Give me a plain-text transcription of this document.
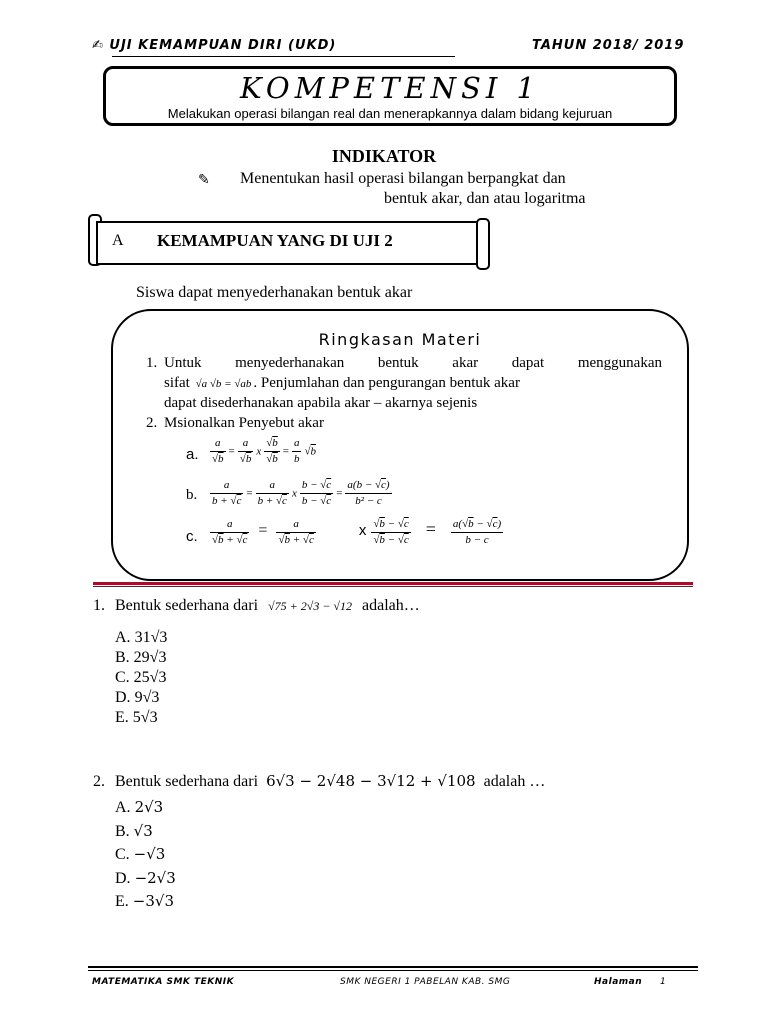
✍ UJI KEMAMPUAN DIRI (UKD)	TAHUN 2018/ 2019
KOMPETENSI 1
Melakukan operasi bilangan real dan menerapkannya dalam bidang kejuruan
INDIKATOR
✎ Menentukan hasil operasi bilangan berpangkat dan
bentuk akar, dan atau logaritma
A KEMAMPUAN YANG DI UJI 2
Siswa dapat menyederhanakan bentuk akar
Ringkasan Materi
1. Untuk menyederhanakan bentuk akar dapat menggunakan
sifat √a √b = √ab . Penjumlahan dan pengurangan bentuk akar
dapat disederhanakan apabila akar – akarnya sejenis
2. Msionalkan Penyebut akar
a. $\frac{a}{√b} = \frac{a}{√b}$ x $\frac{√b}{√b} = \frac{a}{b} √b$
b. $\frac{a}{b + √c} = \frac{a}{b + √c}$ x $\frac{b - √c}{b - √c} = \frac{a(b - √c)}{\text{b² − c}}$
c. $\frac{a}{√b + √c} = \frac{a}{√b + √c}$	x $\frac{√b - √c}{√b - √c} = \frac{a(√b - √c)}{b - c}$
1. Bentuk sederhana dari √75 + 2√3 − √12 adalah…
A. 31√3
B. 29√3
C. 25√3
D. 9√3
E. 5√3
2. Bentuk sederhana dari 6√3 − 2√48 − 3√12 + √108 adalah …
A. 2√3
B. √3
C. −√3
D. −2√3
E. −3√3
MATEMATIKA SMK TEKNIK	SMK NEGERI 1 PABELAN KAB. SMG	Halaman 1
